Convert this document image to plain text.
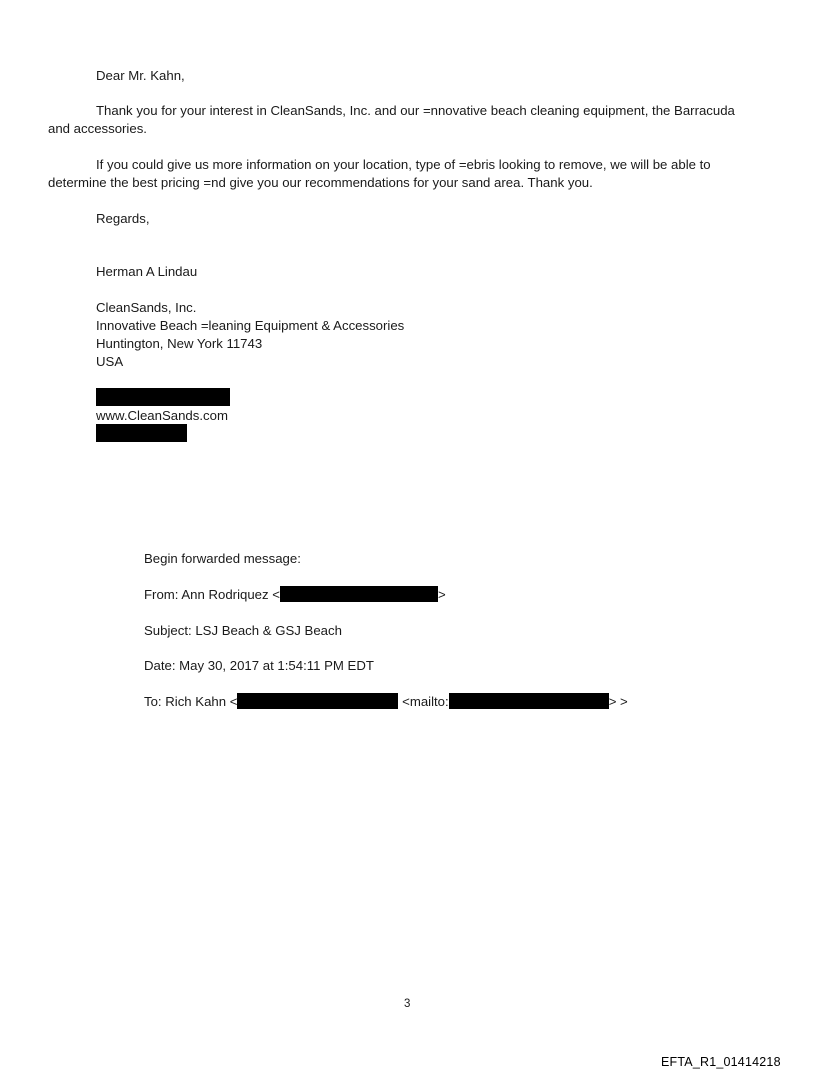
Dear Mr. Kahn,
Thank you for your interest in CleanSands, Inc. and our =nnovative beach cleaning equipment, the Barracuda
and accessories.
If you could give us more information on your location, type of =ebris looking to remove, we will be able to
determine the best pricing =nd give you our recommendations for your sand area. Thank you.
Regards,
Herman A Lindau
CleanSands, Inc.
Innovative Beach =leaning Equipment & Accessories
Huntington, New York 11743
USA
www.CleanSands.com
Begin forwarded message:
From: Ann Rodriquez <	>
Subject: LSJ Beach & GSJ Beach
Date: May 30, 2017 at 1:54:11 PM EDT
To: Rich Kahn <	<mailto:	> >
3
EFTA_R1_01414218
